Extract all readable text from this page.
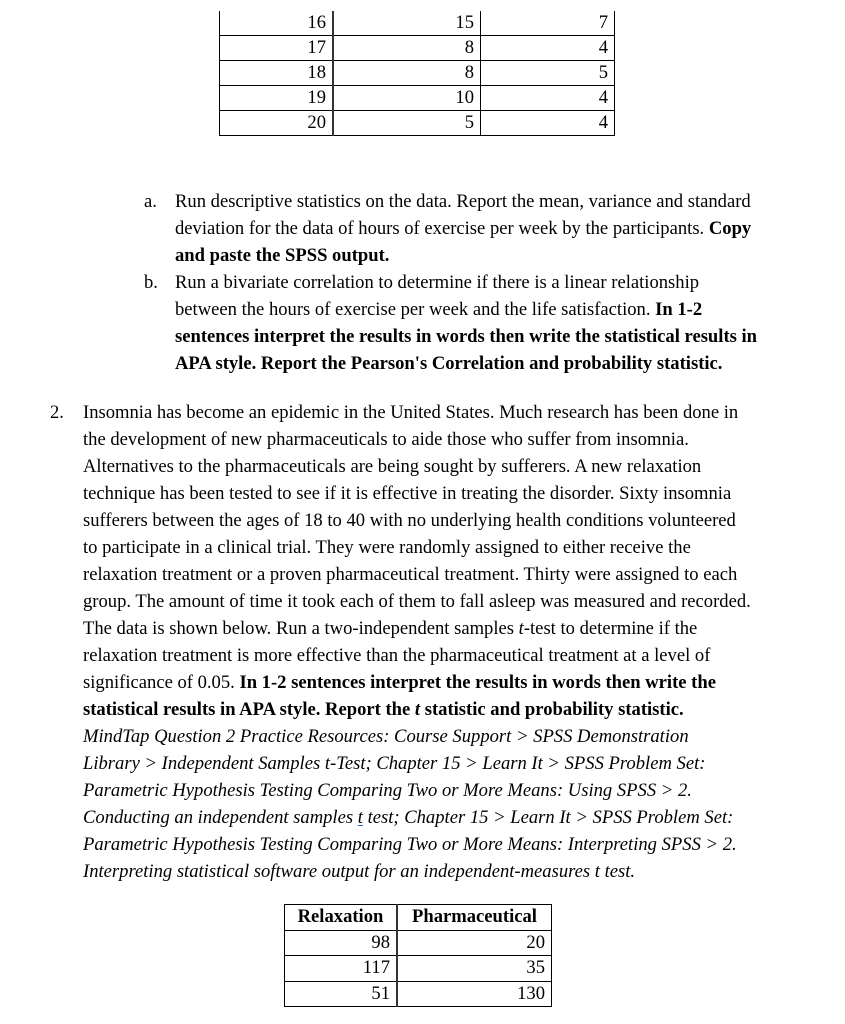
16	15	7
17	8	4
18	8	5
19	10	4
20	5	4
a. Run descriptive statistics on the data. Report the mean, variance and standard
deviation for the data of hours of exercise per week by the participants. Copy
and paste the SPSS output.
b. Run a bivariate correlation to determine if there is a linear relationship
between the hours of exercise per week and the life satisfaction. In 1-2
sentences interpret the results in words then write the statistical results in
APA style. Report the Pearson's Correlation and probability statistic.
2. Insomnia has become an epidemic in the United States. Much research has been done in
the development of new pharmaceuticals to aide those who suffer from insomnia.
Alternatives to the pharmaceuticals are being sought by sufferers. A new relaxation
technique has been tested to see if it is effective in treating the disorder. Sixty insomnia
sufferers between the ages of 18 to 40 with no underlying health conditions volunteered
to participate in a clinical trial. They were randomly assigned to either receive the
relaxation treatment or a proven pharmaceutical treatment. Thirty were assigned to each
group. The amount of time it took each of them to fall asleep was measured and recorded.
The data is shown below. Run a two-independent samples t-test to determine if the
relaxation treatment is more effective than the pharmaceutical treatment at a level of
significance of 0.05. In 1-2 sentences interpret the results in words then write the
statistical results in APA style. Report the t statistic and probability statistic.
MindTap Question 2 Practice Resources: Course Support > SPSS Demonstration
Library > Independent Samples t-Test; Chapter 15 > Learn It > SPSS Problem Set:
Parametric Hypothesis Testing Comparing Two or More Means: Using SPSS > 2.
Conducting an independent samples t test; Chapter 15 > Learn It > SPSS Problem Set:
Parametric Hypothesis Testing Comparing Two or More Means: Interpreting SPSS > 2.
Interpreting statistical software output for an independent-measures t test.
Relaxation	Pharmaceutical
98	20
117	35
51	130
